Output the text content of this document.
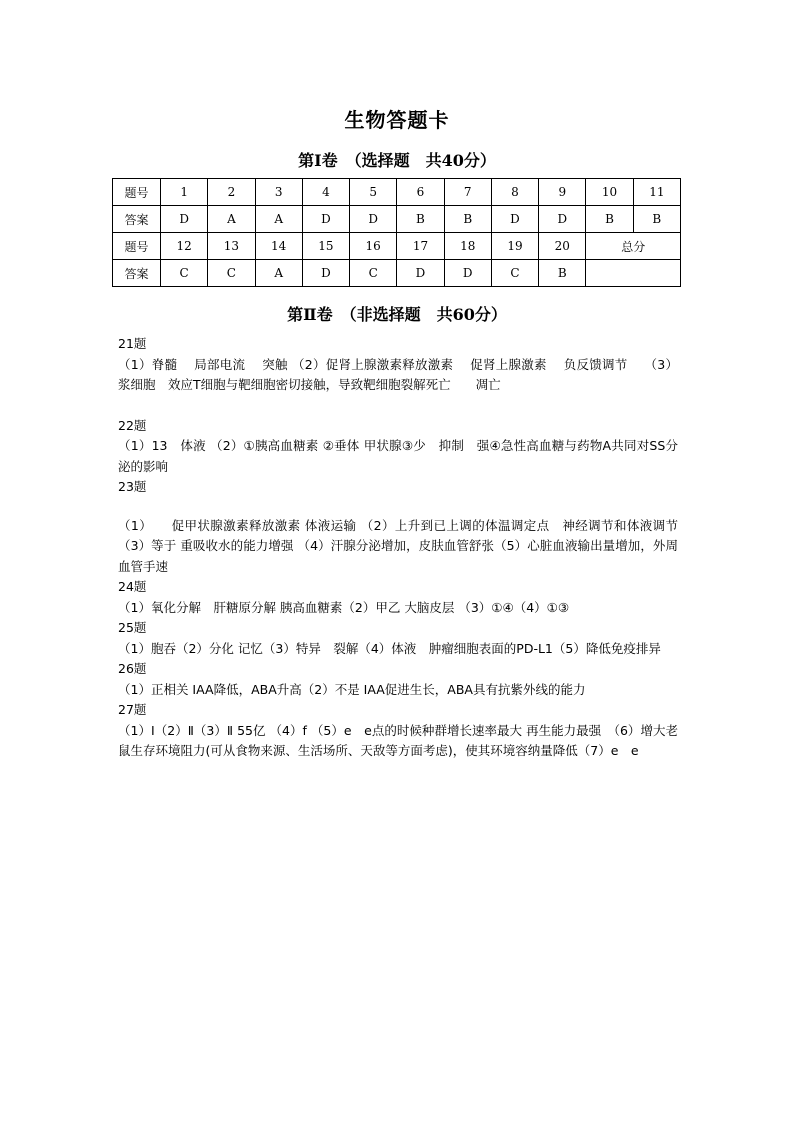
生物答题卡
第Ⅰ卷　（选择题　共40分）
题号	1	2	3	4	5	6	7	8	9	10	11
答案	D	A	A	D	D	B	B	D	D	B	B
题号	12	13	14	15	16	17	18	19	20	总分	
答案	C	C	A	D	C	D	D	C	B		
第Ⅱ卷　（非选择题　共60分）

21题

（1）脊髓　 局部电流　 突触 （2）促肾上腺激素释放激素　 促肾上腺激素　 负反馈调节　 （3）浆细胞　效应T细胞与靶细胞密切接触，导致靶细胞裂解死亡　　凋亡

22题

（1）13　体液 （2）①胰高血糖素 ②垂体 甲状腺③少　抑制　强④急性高血糖与药物A共同对SS分泌的影响

23题

（1）　　促甲状腺激素释放激素 体液运输 （2）上升到已上调的体温调定点　神经调节和体液调节　（3）等于 重吸收水的能力增强 （4）汗腺分泌增加，皮肤血管舒张（5）心脏血液输出量增加，外周血管手速

24题

（1）氧化分解　肝糖原分解 胰高血糖素（2）甲乙 大脑皮层 （3）①④（4）①③

25题

（1）胞吞（2）分化 记忆（3）特异　裂解（4）体液　肿瘤细胞表面的PD-L1（5）降低免疫排异

26题

（1）正相关 IAA降低，ABA升高（2）不是 IAA促进生长，ABA具有抗紫外线的能力

27题

（1）Ⅰ（2）Ⅱ（3）Ⅱ 55亿 （4）f （5）e　e点的时候种群增长速率最大 再生能力最强　（6）增大老鼠生存环境阻力(可从食物来源、生活场所、天敌等方面考虑)，使其环境容纳量降低（7）e　e
